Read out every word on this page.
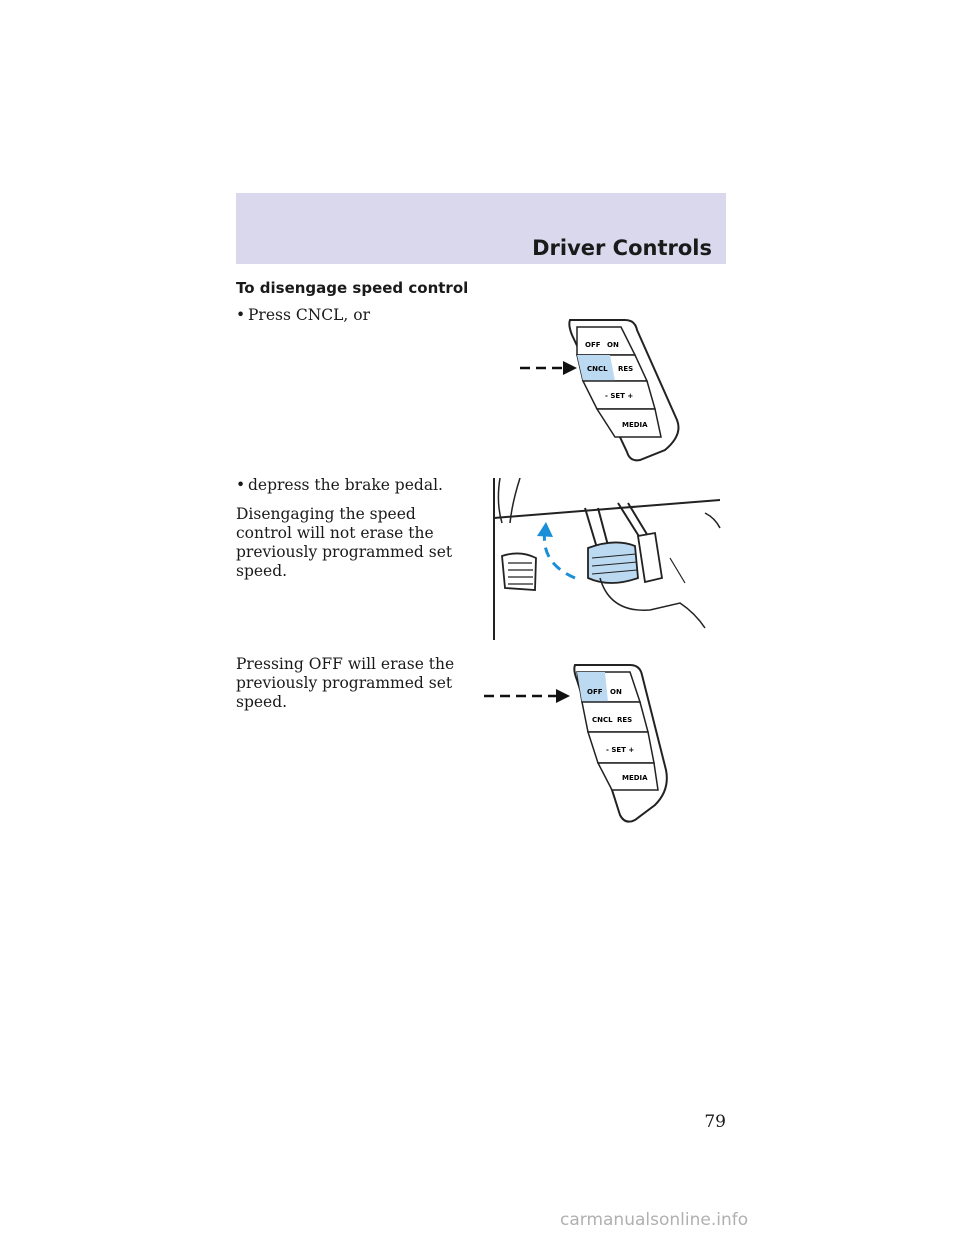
Driver Controls
To disengage speed control
• Press CNCL, or
• depress the brake pedal.
Disengaging the speed control will not erase the previously programmed set speed.
Pressing OFF will erase the previously programmed set speed.
OFF ON
CNCL RES
- SET +
MEDIA
OFF ON
CNCL RES
- SET +
MEDIA
79
carmanualsonline.info
